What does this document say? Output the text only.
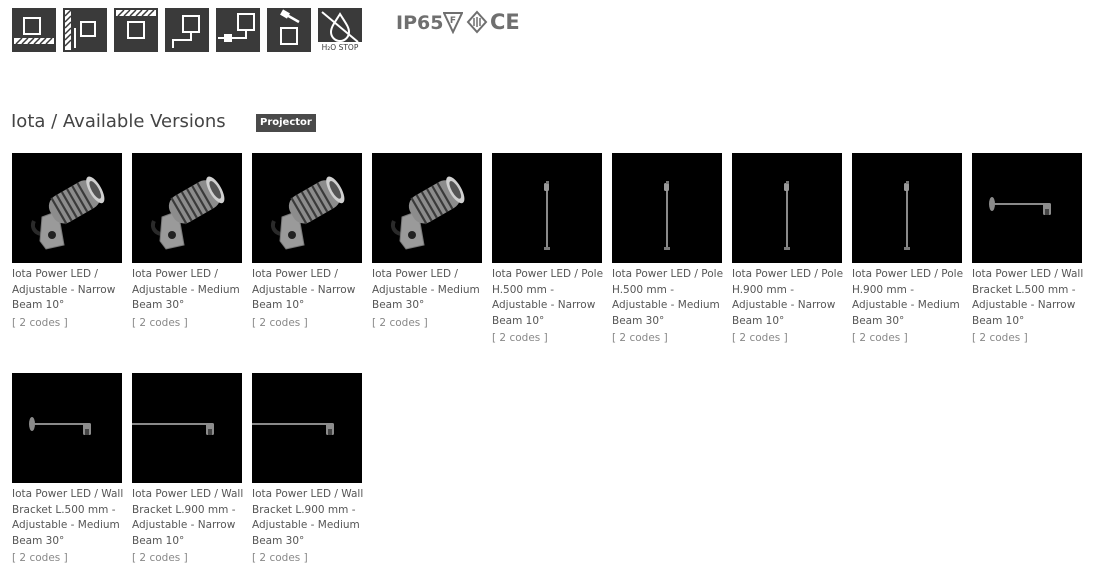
H₂O STOP
IP65 F CE
Iota / Available Versions	Projector
Iota Power LED / Adjustable - Narrow Beam 10°
[ 2 codes ]
Iota Power LED / Adjustable - Medium Beam 30°
[ 2 codes ]
Iota Power LED / Adjustable - Narrow Beam 10°
[ 2 codes ]
Iota Power LED / Adjustable - Medium Beam 30°
[ 2 codes ]
Iota Power LED / Pole H.500 mm - Adjustable - Narrow Beam 10°
[ 2 codes ]
Iota Power LED / Pole H.500 mm - Adjustable - Medium Beam 30°
[ 2 codes ]
Iota Power LED / Pole H.900 mm - Adjustable - Narrow Beam 10°
[ 2 codes ]
Iota Power LED / Pole H.900 mm - Adjustable - Medium Beam 30°
[ 2 codes ]
Iota Power LED / Wall Bracket L.500 mm - Adjustable - Narrow Beam 10°
[ 2 codes ]
Iota Power LED / Wall Bracket L.500 mm - Adjustable - Medium Beam 30°
[ 2 codes ]
Iota Power LED / Wall Bracket L.900 mm - Adjustable - Narrow Beam 10°
[ 2 codes ]
Iota Power LED / Wall Bracket L.900 mm - Adjustable - Medium Beam 30°
[ 2 codes ]
